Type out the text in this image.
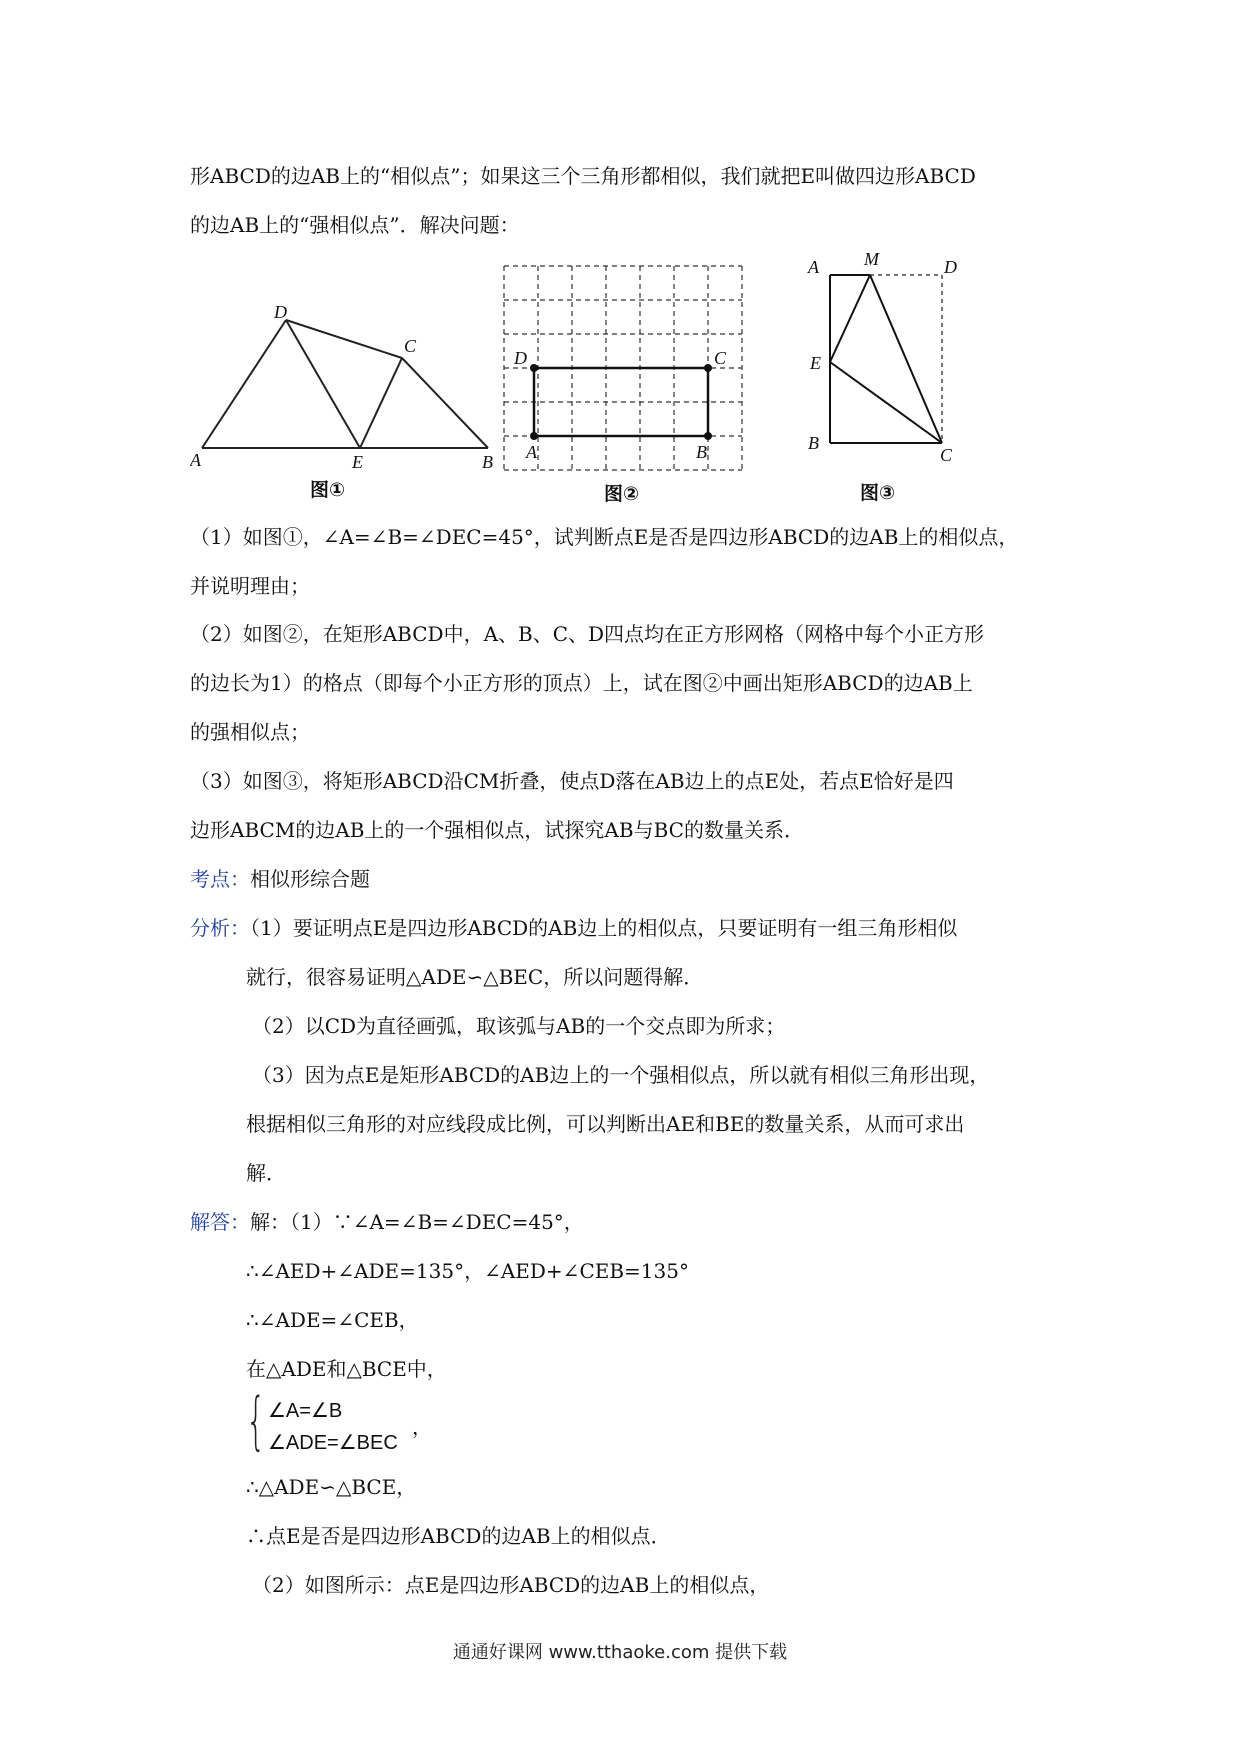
形ABCD的边AB上的“相似点”；如果这三个三角形都相似，我们就把E叫做四边形ABCD
的边AB上的“强相似点”．解决问题：
A	B
C
D
E
图①
A	B
C
D
图②
A	M	D
E
B
C
图③
（1）如图①，∠A=∠B=∠DEC=45°，试判断点E是否是四边形ABCD的边AB上的相似点，
并说明理由；
（2）如图②，在矩形ABCD中，A、B、C、D四点均在正方形网格（网格中每个小正方形
的边长为1）的格点（即每个小正方形的顶点）上，试在图②中画出矩形ABCD的边AB上
的强相似点；
（3）如图③，将矩形ABCD沿CM折叠，使点D落在AB边上的点E处，若点E恰好是四
边形ABCM的边AB上的一个强相似点，试探究AB与BC的数量关系．
考点：相似形综合题
分析：（1）要证明点E是四边形ABCD的AB边上的相似点，只要证明有一组三角形相似
就行，很容易证明△ADE∽△BEC，所以问题得解．
（2）以CD为直径画弧，取该弧与AB的一个交点即为所求；
（3）因为点E是矩形ABCD的AB边上的一个强相似点，所以就有相似三角形出现，
根据相似三角形的对应线段成比例，可以判断出AE和BE的数量关系，从而可求出
解．
解答：解：（1）∵∠A=∠B=∠DEC=45°，
∴∠AED+∠ADE=135°，∠AED+∠CEB=135°
∴∠ADE=∠CEB，
在△ADE和△BCE中，
{ ∠A=∠B
∠ADE=∠BEC
，
∴△ADE∽△BCE，
∴点E是否是四边形ABCD的边AB上的相似点．
（2）如图所示：点E是四边形ABCD的边AB上的相似点，
通通好课网 www.tthaoke.com 提供下载
